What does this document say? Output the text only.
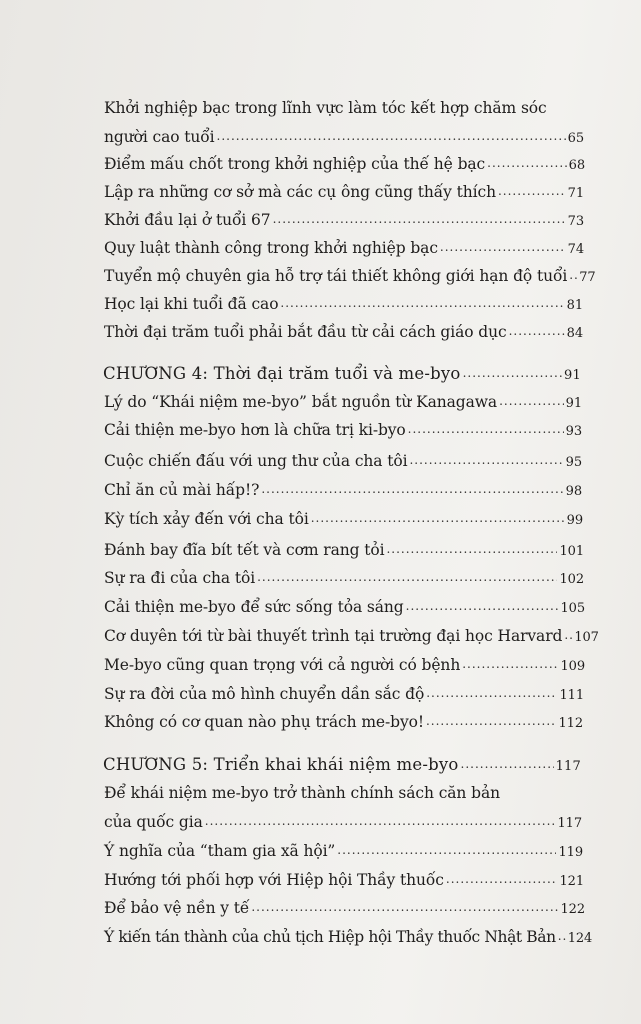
Khởi nghiệp bạc trong lĩnh vực làm tóc kết hợp chăm sóc
người cao tuổi .....	65
Điểm mấu chốt trong khởi nghiệp của thế hệ bạc .....	68
Lập ra những cơ sở mà các cụ ông cũng thấy thích .....	71
Khởi đầu lại ở tuổi 67 .....	73
Quy luật thành công trong khởi nghiệp bạc .....	74
Tuyển mộ chuyên gia hỗ trợ tái thiết không giới hạn độ tuổi ..... 77
Học lại khi tuổi đã cao .....	81
Thời đại trăm tuổi phải bắt đầu từ cải cách giáo dục .....	84
CHƯƠNG 4: Thời đại trăm tuổi và me-byo .....	91
Lý do “Khái niệm me-byo” bắt nguồn từ Kanagawa .....	91
Cải thiện me-byo hơn là chữa trị ki-byo .....	93
Cuộc chiến đấu với ung thư của cha tôi .....	95
Chỉ ăn củ mài hấp!? .....	98
Kỳ tích xảy đến với cha tôi .....	99
Đánh bay đĩa bít tết và cơm rang tỏi .....	101
Sự ra đi của cha tôi .....	102
Cải thiện me-byo để sức sống tỏa sáng .....	105
Cơ duyên tới từ bài thuyết trình tại trường đại học Harvard ..... 107
Me-byo cũng quan trọng với cả người có bệnh .....	109
Sự ra đời của mô hình chuyển dần sắc độ .....	111
Không có cơ quan nào phụ trách me-byo! .....	112
CHƯƠNG 5: Triển khai khái niệm me-byo .....	117
Để khái niệm me-byo trở thành chính sách căn bản
của quốc gia .....	117
Ý nghĩa của “tham gia xã hội” .....	119
Hướng tới phối hợp với Hiệp hội Thầy thuốc .....	121
Để bảo vệ nền y tế .....	122
Ý kiến tán thành của chủ tịch Hiệp hội Thầy thuốc Nhật Bản ..... 124
